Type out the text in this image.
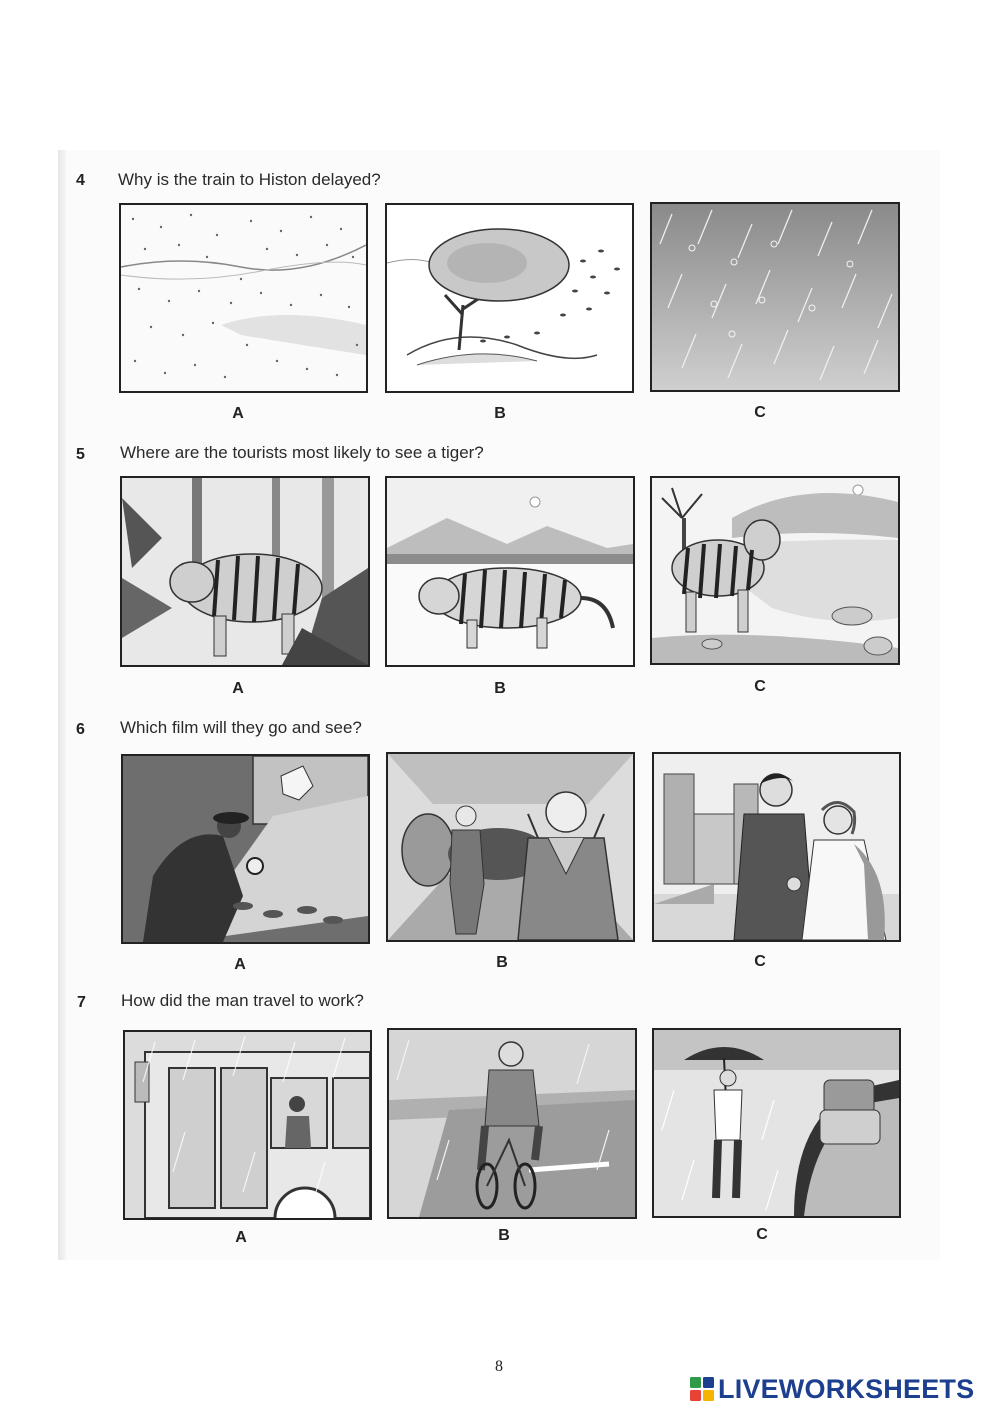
4 Why is the train to Histon delayed?
A	B	C
5 Where are the tourists most likely to see a tiger?
A	B	C
6 Which film will they go and see?
A	B	C
7 How did the man travel to work?
A	B	C
8
LIVEWORKSHEETS
